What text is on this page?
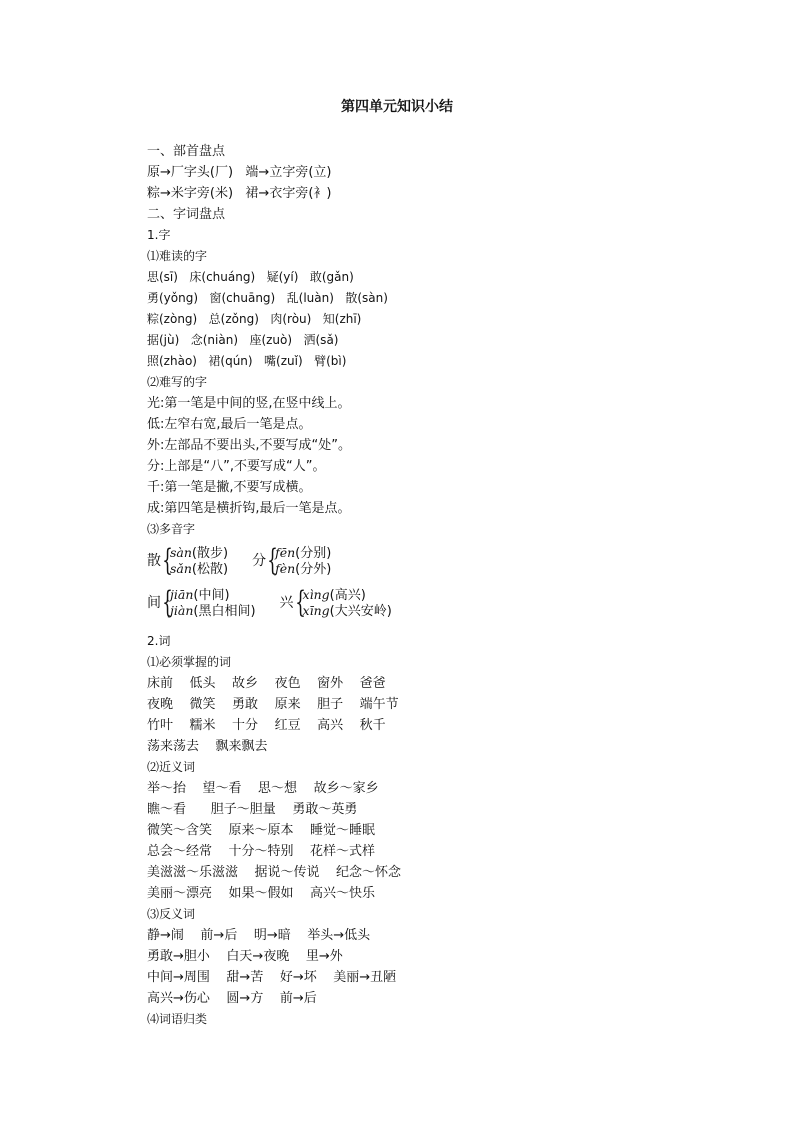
第四单元知识小结
一、部首盘点
原→厂字头(厂)   端→立字旁(立)
粽→米字旁(米)   裙→衣字旁(衤)
二、字词盘点
1.字
⑴难读的字
思(sī)   床(chuáng)   疑(yí)   敢(gǎn)
勇(yǒng)   窗(chuāng)   乱(luàn)   散(sàn)
粽(zòng)   总(zǒng)   肉(ròu)   知(zhī)
据(jù)   念(niàn)   座(zuò)   洒(sǎ)
照(zhào)   裙(qún)   嘴(zuǐ)   臂(bì)
⑵难写的字
光:第一笔是中间的竖,在竖中线上。
低:左窄右宽,最后一笔是点。
外:左部品不要出头,不要写成“处”。
分:上部是“八”,不要写成“人”。
千:第一笔是撇,不要写成横。
成:第四笔是横折钩,最后一笔是点。
⑶多音字
散 {
sàn(散步)
sǎn(松散)
分 {
fēn(分别)
fèn(分外)
间 {
jiān(中间)
jiàn(黑白相间)
兴 {
xìng(高兴)
xīng(大兴安岭)
2.词
⑴必须掌握的词
床前    低头    故乡    夜色    窗外    爸爸
夜晚    微笑    勇敢    原来    胆子    端午节
竹叶    糯米    十分    红豆    高兴    秋千
荡来荡去    飘来飘去
⑵近义词
举～抬    望～看    思～想    故乡～家乡
瞧～看      胆子～胆量    勇敢～英勇
微笑～含笑    原来～原本    睡觉～睡眠
总会～经常    十分～特别    花样～式样
美滋滋～乐滋滋    据说～传说    纪念～怀念
美丽～漂亮    如果～假如    高兴～快乐
⑶反义词
静→闹    前→后    明→暗    举头→低头
勇敢→胆小    白天→夜晚    里→外
中间→周围    甜→苦    好→坏    美丽→丑陋
高兴→伤心    圆→方    前→后
⑷词语归类
